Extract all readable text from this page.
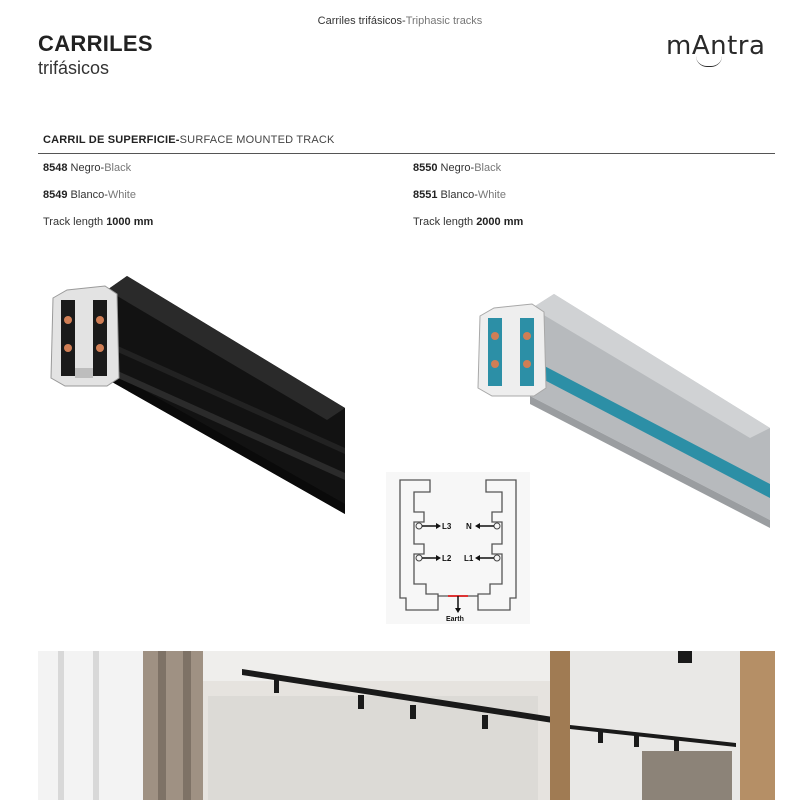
Carriles trifásicos-Triphasic tracks
CARRILES
trifásicos
mAntra
CARRIL DE SUPERFICIE-SURFACE MOUNTED TRACK
8548 Negro-Black
8549 Blanco-White
Track length 1000 mm
8550 Negro-Black
8551 Blanco-White
Track length 2000 mm
L3
L2
N
L1
Earth
